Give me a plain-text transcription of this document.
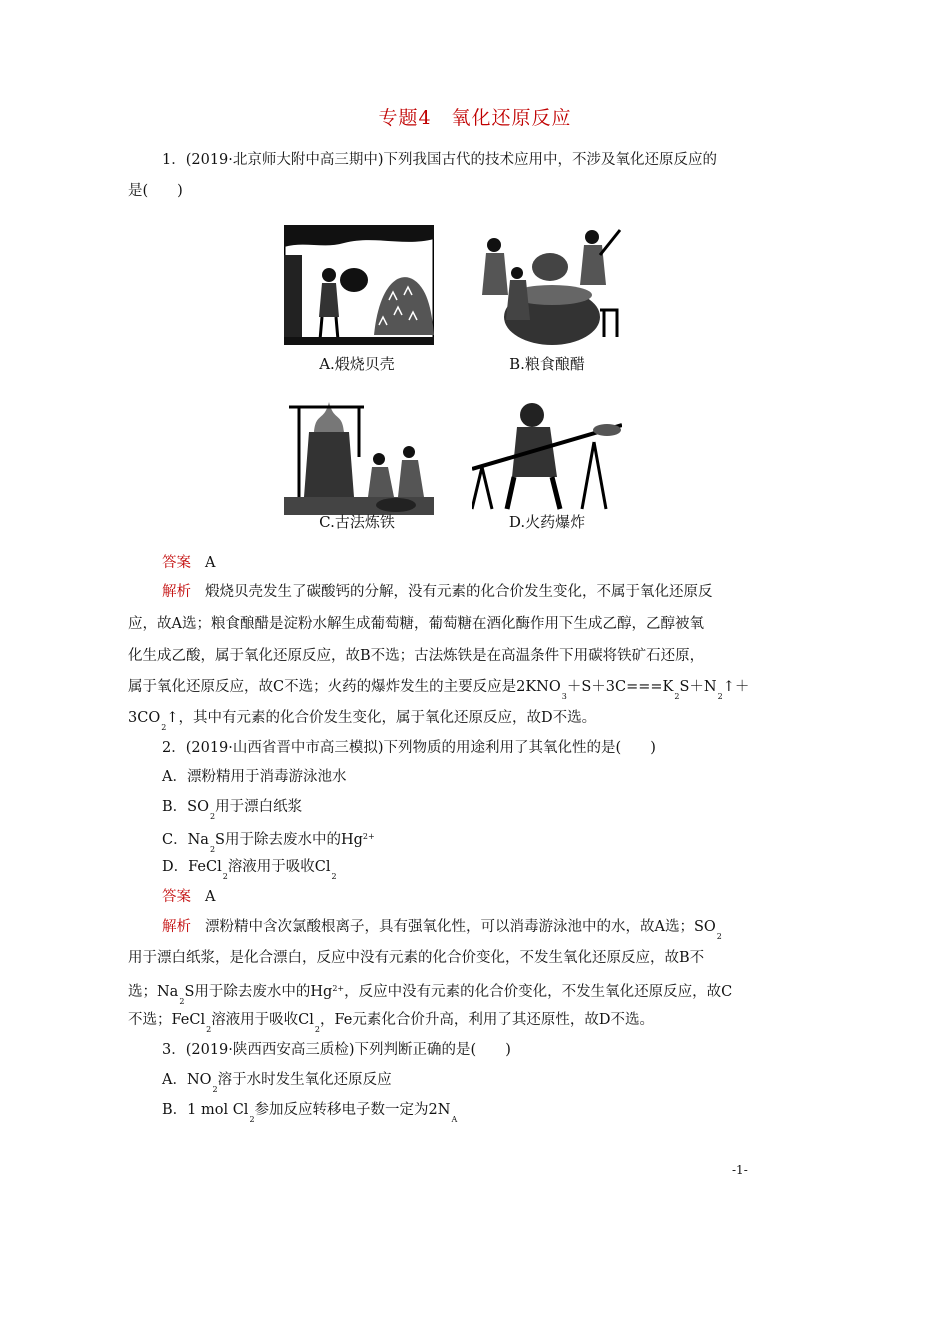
专题4　氧化还原反应
1．(2019·北京师大附中高三期中)下列我国古代的技术应用中，不涉及氧化还原反应的
是(　　)
A.煅烧贝壳	B.粮食酿醋
C.古法炼铁	D.火药爆炸
答案 A
解析 煅烧贝壳发生了碳酸钙的分解，没有元素的化合价发生变化，不属于氧化还原反
应，故A选；粮食酿醋是淀粉水解生成葡萄糖，葡萄糖在酒化酶作用下生成乙醇，乙醇被氧
化生成乙酸，属于氧化还原反应，故B不选；古法炼铁是在高温条件下用碳将铁矿石还原，
属于氧化还原反应，故C不选；火药的爆炸发生的主要反应是$2KNO_3+S+3C===K_2S+N_2↑+$
$3CO_2↑$，其中有元素的化合价发生变化，属于氧化还原反应，故D不选。
2．(2019·山西省晋中市高三模拟)下列物质的用途利用了其氧化性的是(　　)
A．漂粉精用于消毒游泳池水
B．$SO_2$用于漂白纸浆
C．$Na_2S$用于除去废水中的$Hg^{2+}$
D．FeCl$_2$溶液用于吸收$Cl_2$
答案 A
解析 漂粉精中含次氯酸根离子，具有强氧化性，可以消毒游泳池中的水，故A选；$SO_2$
用于漂白纸浆，是化合漂白，反应中没有元素的化合价变化，不发生氧化还原反应，故B不
选；$Na_2S$用于除去废水中的$Hg^{2+}$，反应中没有元素的化合价变化，不发生氧化还原反应，故C
不选；FeCl$_2$溶液用于吸收$Cl_2$，Fe元素化合价升高，利用了其还原性，故D不选。
3．(2019·陕西西安高三质检)下列判断正确的是(　　)
A．$NO_2$溶于水时发生氧化还原反应
B．1 mol $Cl_2$参加反应转移电子数一定为$2N_A$
-1-
